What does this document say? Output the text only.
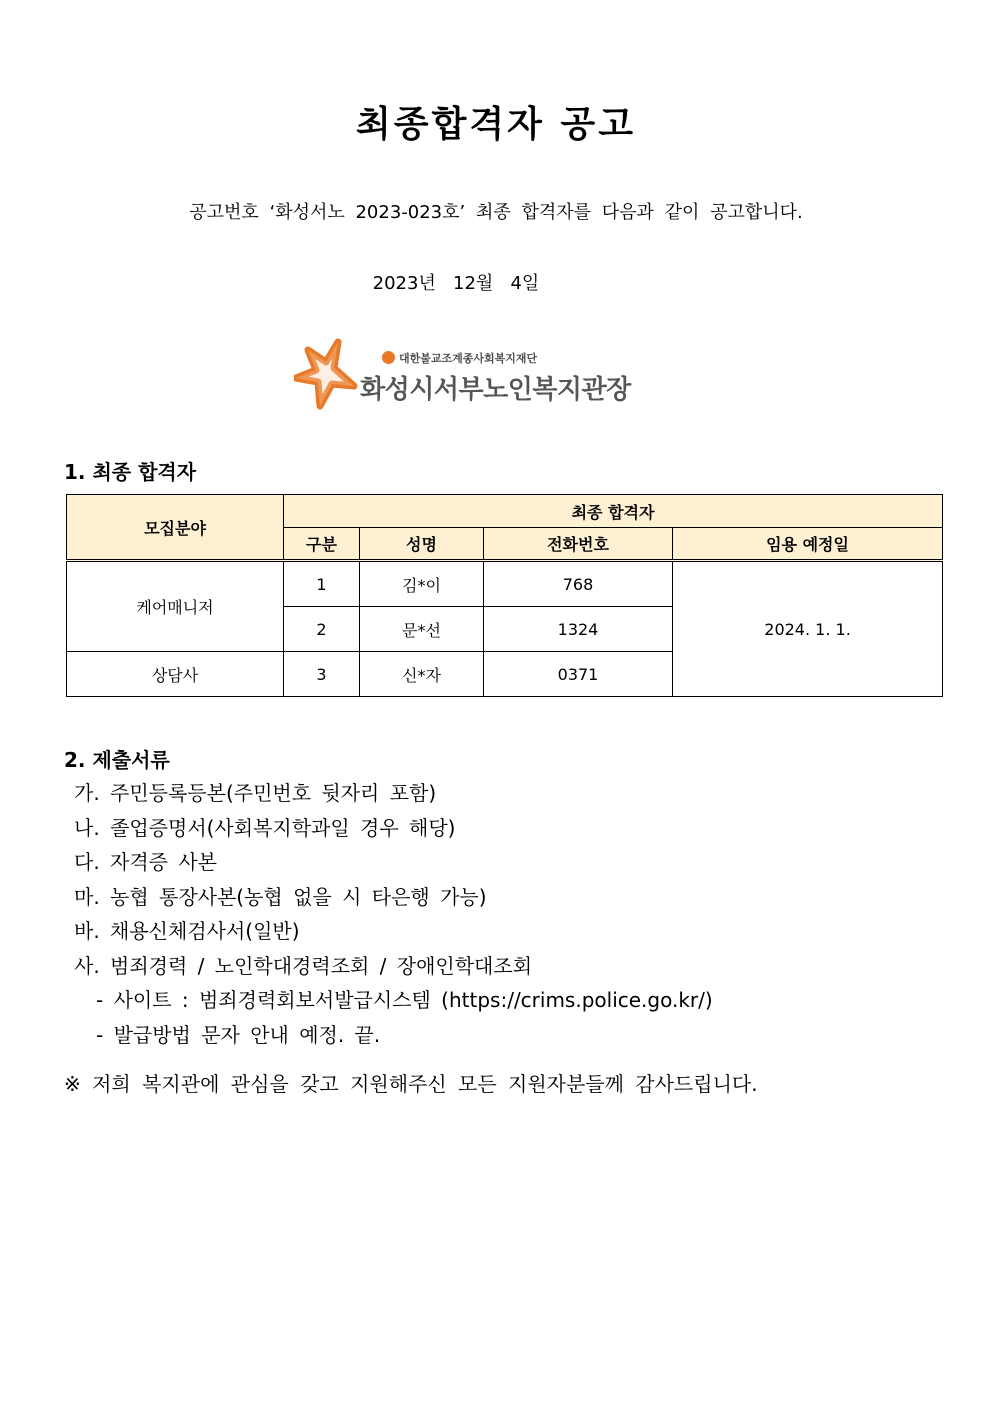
최종합격자 공고
공고번호 ‘화성서노 2023-023호’ 최종 합격자를 다음과 같이 공고합니다.
2023년   12월   4일
대한불교조계종사회복지재단
화성시서부노인복지관장
1. 최종 합격자
모집분야	최종 합격자			
	구분	성명	전화번호	임용 예정일
케어매니저	1	김*이	768	2024. 1. 1.
	2	문*선	1324	
상담사	3	신*자	0371	
2. 제출서류
가. 주민등록등본(주민번호 뒷자리 포함)
나. 졸업증명서(사회복지학과일 경우 해당)
다. 자격증 사본
마. 농협 통장사본(농협 없을 시 타은행 가능)
바. 채용신체검사서(일반)
사. 범죄경력 / 노인학대경력조회 / 장애인학대조회
- 사이트 : 범죄경력회보서발급시스템 (https://crims.police.go.kr/)
- 발급방법 문자 안내 예정. 끝.
※ 저희 복지관에 관심을 갖고 지원해주신 모든 지원자분들께 감사드립니다.
